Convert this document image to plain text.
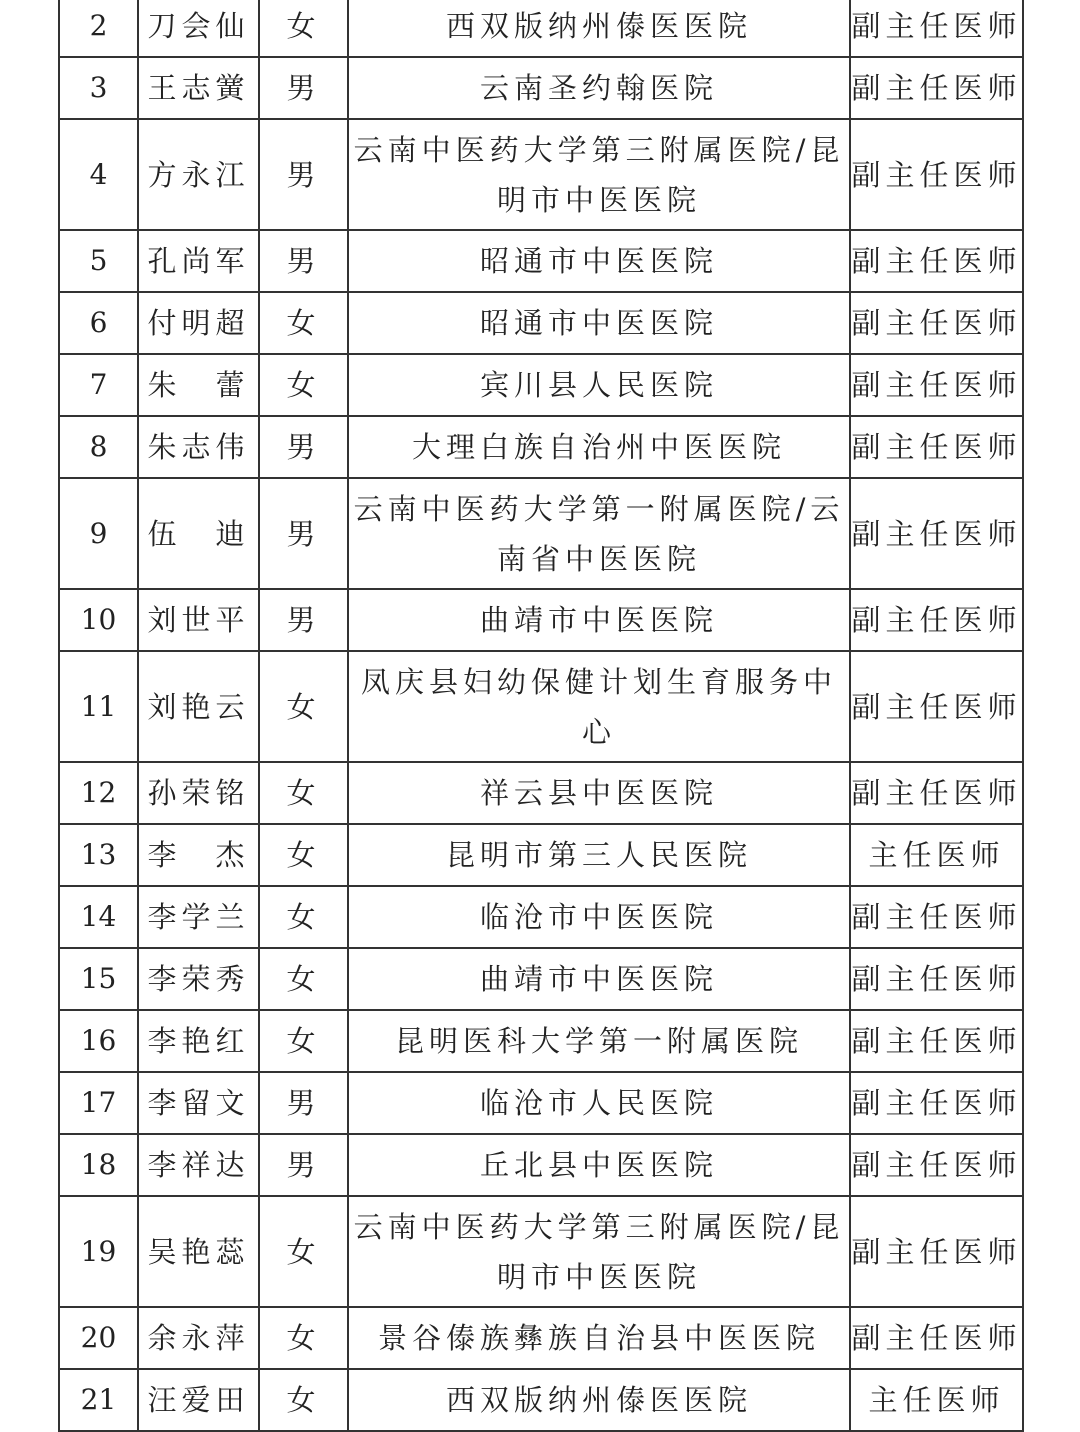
2	刀会仙	女	西双版纳州傣医医院	副主任医师
3	王志黉	男	云南圣约翰医院	副主任医师
4	方永江	男	云南中医药大学第三附属医院/昆明市中医医院	副主任医师
5	孔尚军	男	昭通市中医医院	副主任医师
6	付明超	女	昭通市中医医院	副主任医师
7	朱　蕾	女	宾川县人民医院	副主任医师
8	朱志伟	男	大理白族自治州中医医院	副主任医师
9	伍　迪	男	云南中医药大学第一附属医院/云南省中医医院	副主任医师
10	刘世平	男	曲靖市中医医院	副主任医师
11	刘艳云	女	凤庆县妇幼保健计划生育服务中心	副主任医师
12	孙荣铭	女	祥云县中医医院	副主任医师
13	李　杰	女	昆明市第三人民医院	主任医师
14	李学兰	女	临沧市中医医院	副主任医师
15	李荣秀	女	曲靖市中医医院	副主任医师
16	李艳红	女	昆明医科大学第一附属医院	副主任医师
17	李留文	男	临沧市人民医院	副主任医师
18	李祥达	男	丘北县中医医院	副主任医师
19	吴艳蕊	女	云南中医药大学第三附属医院/昆明市中医医院	副主任医师
20	余永萍	女	景谷傣族彝族自治县中医医院	副主任医师
21	汪爱田	女	西双版纳州傣医医院	主任医师
